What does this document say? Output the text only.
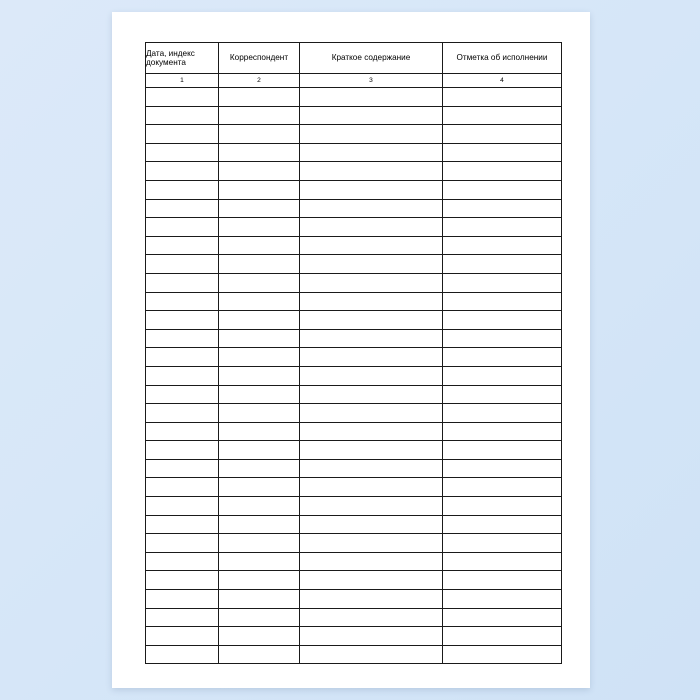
Дата, индекс документа	Корреспондент	Краткое содержание	Отметка об исполнении
1	2	3	4
